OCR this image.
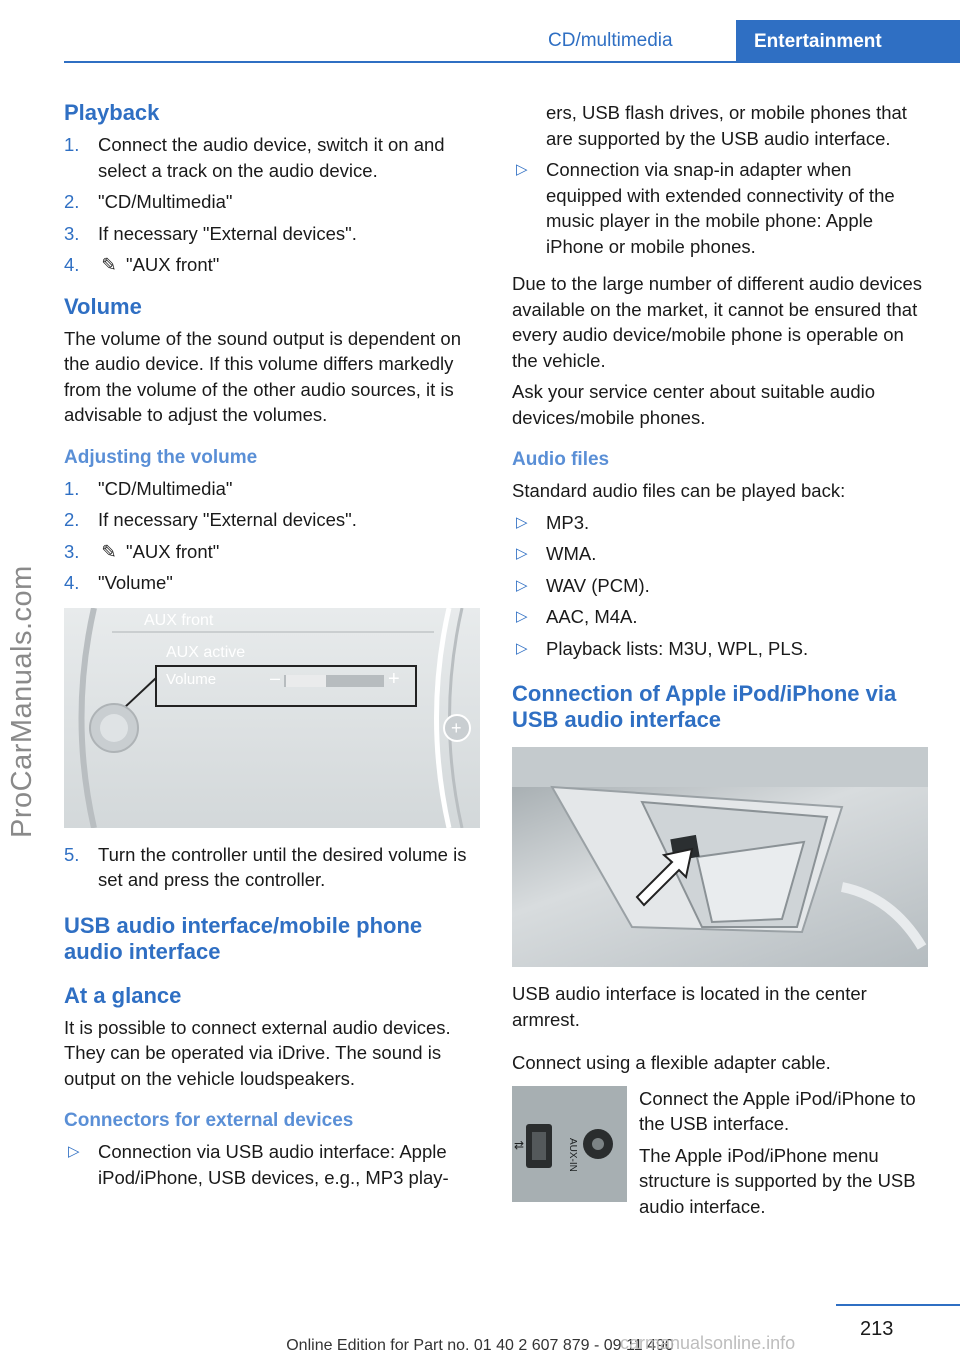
CD/multimedia	Entertainment
ProCarManuals.com
Playback
1. Connect the audio device, switch it on and select a track on the audio device.
2. "CD/Multimedia"
3. If necessary "External devices".
4. ✎ "AUX front"
Volume

The volume of the sound output is dependent on the audio device. If this volume differs markedly from the volume of the other audio sources, it is advisable to adjust the volumes.

Adjusting the volume
1. "CD/Multimedia"
2. If necessary "External devices".
3. ✎ "AUX front"
4. "Volume"
+
AUX front
AUX active
Volume	–	+
5. Turn the controller until the desired volume is set and press the controller.
USB audio interface/mobile phone audio interface
At a glance

It is possible to connect external audio devices. They can be operated via iDrive. The sound is output on the vehicle loudspeakers.

Connectors for external devices
▷ Connection via USB audio interface: Apple iPod/iPhone, USB devices, e.g., MP3 play-
ers, USB flash drives, or mobile phones that are supported by the USB audio interface.
▷ Connection via snap-in adapter when equipped with extended connectivity of the music player in the mobile phone: Apple iPhone or mobile phones.

Due to the large number of different audio devices available on the market, it cannot be ensured that every audio device/mobile phone is operable on the vehicle.

Ask your service center about suitable audio devices/mobile phones.

Audio files

Standard audio files can be played back:

▷ MP3.
▷ WMA.
▷ WAV (PCM).
▷ AAC, M4A.
▷ Playback lists: M3U, WPL, PLS.
Connection of Apple iPod/iPhone via USB audio interface

USB audio interface is located in the center armrest.

Connect using a flexible adapter cable.

AUX-IN
⇄

Connect the Apple iPod/iPhone to the USB interface.

The Apple iPod/iPhone menu structure is supported by the USB audio interface.

213
Online Edition for Part no. 01 40 2 607 879 - 09 11 490
carmanualsonline.info
